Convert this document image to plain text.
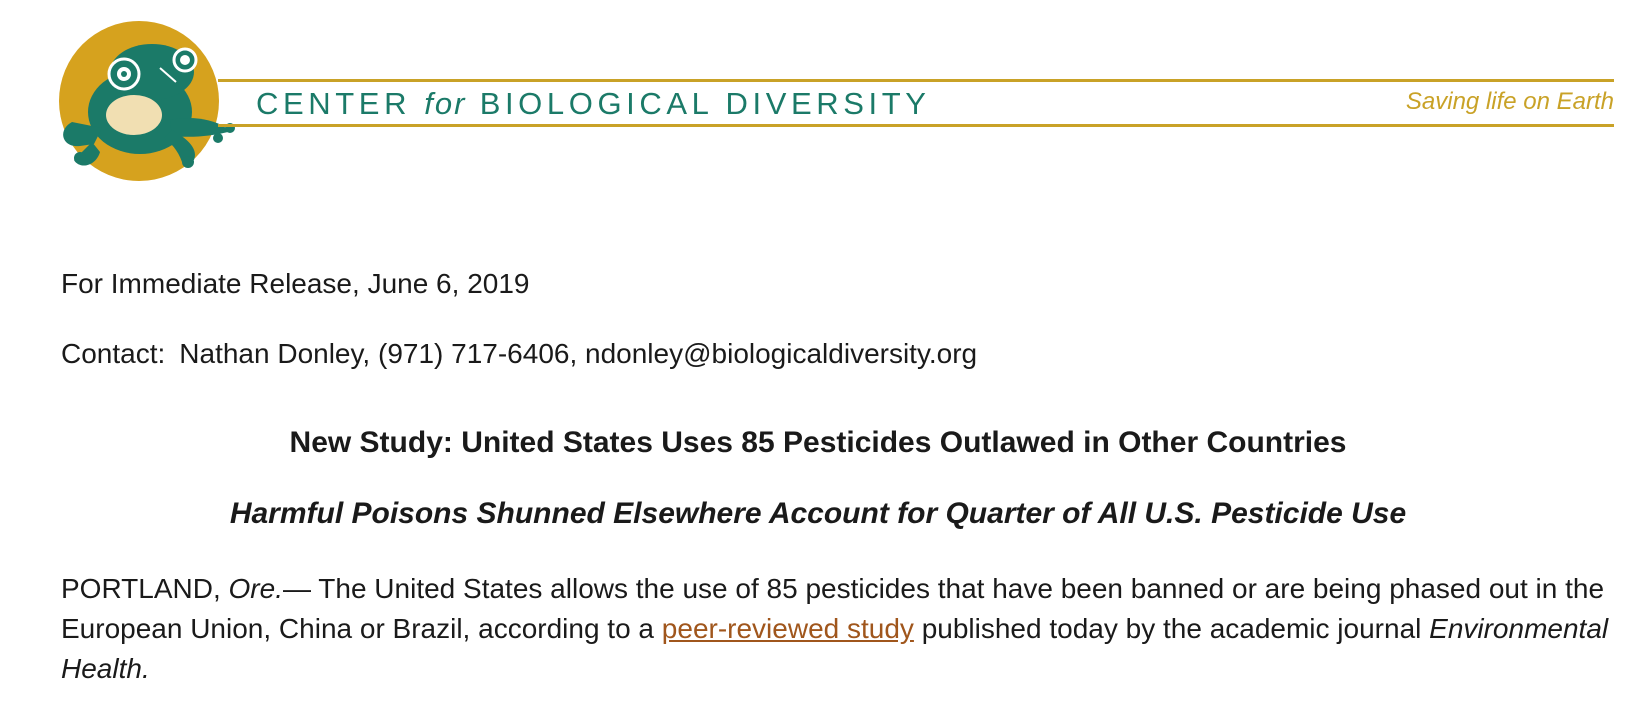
CENTER for BIOLOGICAL DIVERSITY	Saving life on Earth
For Immediate Release, June 6, 2019
Contact: Nathan Donley, (971) 717-6406, ndonley@biologicaldiversity.org
New Study: United States Uses 85 Pesticides Outlawed in Other Countries
Harmful Poisons Shunned Elsewhere Account for Quarter of All U.S. Pesticide Use
PORTLAND, Ore.— The United States allows the use of 85 pesticides that have been banned or are being phased out in the European Union, China or Brazil, according to a peer-reviewed study published today by the academic journal Environmental Health.
